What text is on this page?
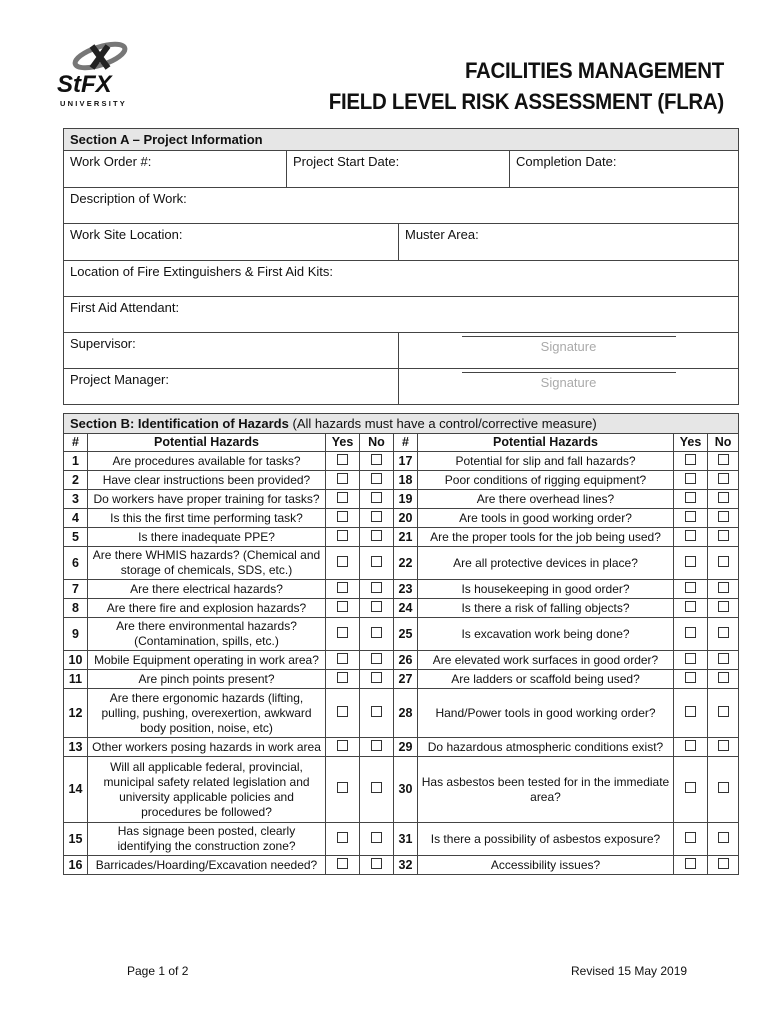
StFX
UNIVERSITY
FACILITIES MANAGEMENT
FIELD LEVEL RISK ASSESSMENT (FLRA)
Section A – Project Information			
Work Order #:	Project Start Date:		Completion Date:
Description of Work:			
Work Site Location:		Muster Area:	
Location of Fire Extinguishers & First Aid Kits:			
First Aid Attendant:			
Supervisor:		Signature	
Project Manager:		Signature	
Section B: Identification of Hazards (All hazards must have a control/corrective measure)							
#	Potential Hazards	Yes	No	#	Potential Hazards	Yes	No
1	Are procedures available for tasks?			17	Potential for slip and fall hazards?		
2	Have clear instructions been provided?			18	Poor conditions of rigging equipment?		
3	Do workers have proper training for tasks?			19	Are there overhead lines?		
4	Is this the first time performing task?			20	Are tools in good working order?		
5	Is there inadequate PPE?			21	Are the proper tools for the job being used?		
6	Are there WHMIS hazards? (Chemical and storage of chemicals, SDS, etc.)			22	Are all protective devices in place?		
7	Are there electrical hazards?			23	Is housekeeping in good order?		
8	Are there fire and explosion hazards?			24	Is there a risk of falling objects?		
9	Are there environmental hazards? (Contamination, spills, etc.)			25	Is excavation work being done?		
10	Mobile Equipment operating in work area?			26	Are elevated work surfaces in good order?		
11	Are pinch points present?			27	Are ladders or scaffold being used?		
12	Are there ergonomic hazards (lifting, pulling, pushing, overexertion, awkward body position, noise, etc)			28	Hand/Power tools in good working order?		
13	Other workers posing hazards in work area			29	Do hazardous atmospheric conditions exist?		
14	Will all applicable federal, provincial, municipal safety related legislation and university applicable policies and procedures be followed?			30	Has asbestos been tested for in the immediate area?		
15	Has signage been posted, clearly identifying the construction zone?			31	Is there a possibility of asbestos exposure?		
16	Barricades/Hoarding/Excavation needed?			32	Accessibility issues?		
Page 1 of 2	Revised 15 May 2019
